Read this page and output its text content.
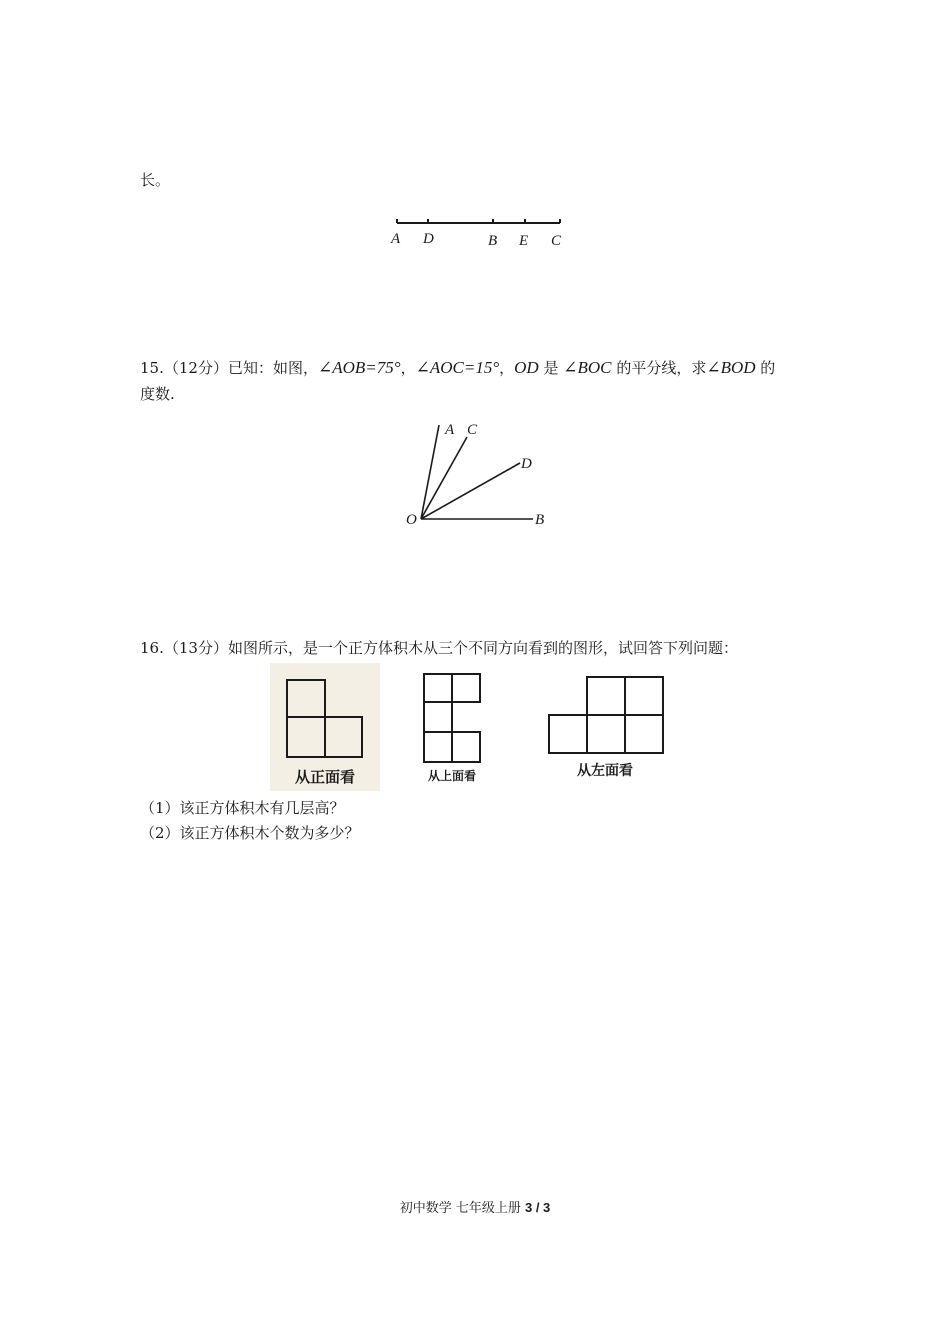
长。
A D	B E C
15.（12分）已知：如图，∠AOB=75°，∠AOC=15°，OD 是 ∠BOC 的平分线，求∠BOD 的
度数.
O
A C
D
B
16.（13分）如图所示，是一个正方体积木从三个不同方向看到的图形，试回答下列问题：
从正面看	从上面看	从左面看
（1）该正方体积木有几层高？
（2）该正方体积木个数为多少？
初中数学 七年级上册 3 / 3
